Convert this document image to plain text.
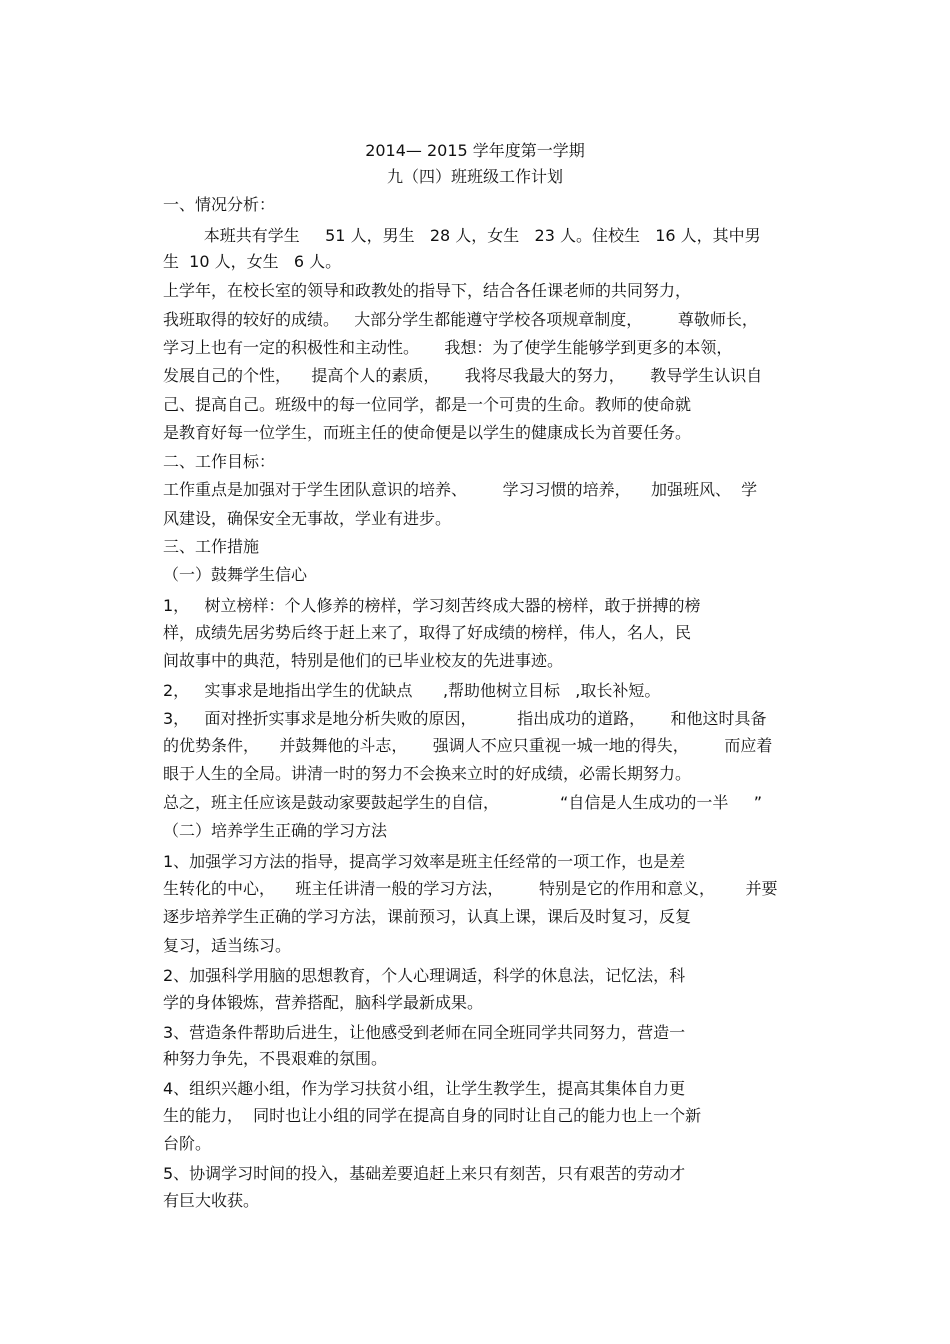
2014— 2015 学年度第一学期

九（四）班班级工作计划

一、情况分析：

本班共有学生     51 人，男生   28 人，女生   23 人。住校生   16 人，其中男

生  10 人，女生   6 人。

上学年，在校长室的领导和政教处的指导下，结合各任课老师的共同努力，

我班取得的较好的成绩。   大部分学生都能遵守学校各项规章制度，       尊敬师长，

学习上也有一定的积极性和主动性。     我想：为了使学生能够学到更多的本领，

发展自己的个性，    提高个人的素质，     我将尽我最大的努力，     教导学生认识自

己、提高自己。班级中的每一位同学，都是一个可贵的生命。教师的使命就

是教育好每一位学生，而班主任的使命便是以学生的健康成长为首要任务。

二、工作目标：

工作重点是加强对于学生团队意识的培养、       学习习惯的培养，    加强班风、  学

风建设，确保安全无事故，学业有进步。

三、工作措施

（一）鼓舞学生信心

1，   树立榜样：个人修养的榜样，学习刻苦终成大器的榜样，敢于拼搏的榜

样，成绩先居劣势后终于赶上来了，取得了好成绩的榜样，伟人，名人，民

间故事中的典范，特别是他们的已毕业校友的先进事迹。

2，   实事求是地指出学生的优缺点      ,帮助他树立目标   ,取长补短。

3，   面对挫折实事求是地分析失败的原因，        指出成功的道路，     和他这时具备

的优势条件，    并鼓舞他的斗志，     强调人不应只重视一城一地的得失，       而应着

眼于人生的全局。讲清一时的努力不会换来立时的好成绩，必需长期努力。

总之，班主任应该是鼓动家要鼓起学生的自信，            “自信是人生成功的一半     ”

（二）培养学生正确的学习方法

1、加强学习方法的指导，提高学习效率是班主任经常的一项工作，也是差

生转化的中心，    班主任讲清一般的学习方法，       特别是它的作用和意义，      并要

逐步培养学生正确的学习方法，课前预习，认真上课，课后及时复习，反复

复习，适当练习。

2、加强科学用脑的思想教育，个人心理调适，科学的休息法，记忆法，科

学的身体锻炼，营养搭配，脑科学最新成果。

3、营造条件帮助后进生，让他感受到老师在同全班同学共同努力，营造一

种努力争先，不畏艰难的氛围。

4、组织兴趣小组，作为学习扶贫小组，让学生教学生，提高其集体自力更

生的能力，  同时也让小组的同学在提高自身的同时让自己的能力也上一个新

台阶。

5、协调学习时间的投入，基础差要追赶上来只有刻苦，只有艰苦的劳动才

有巨大收获。
